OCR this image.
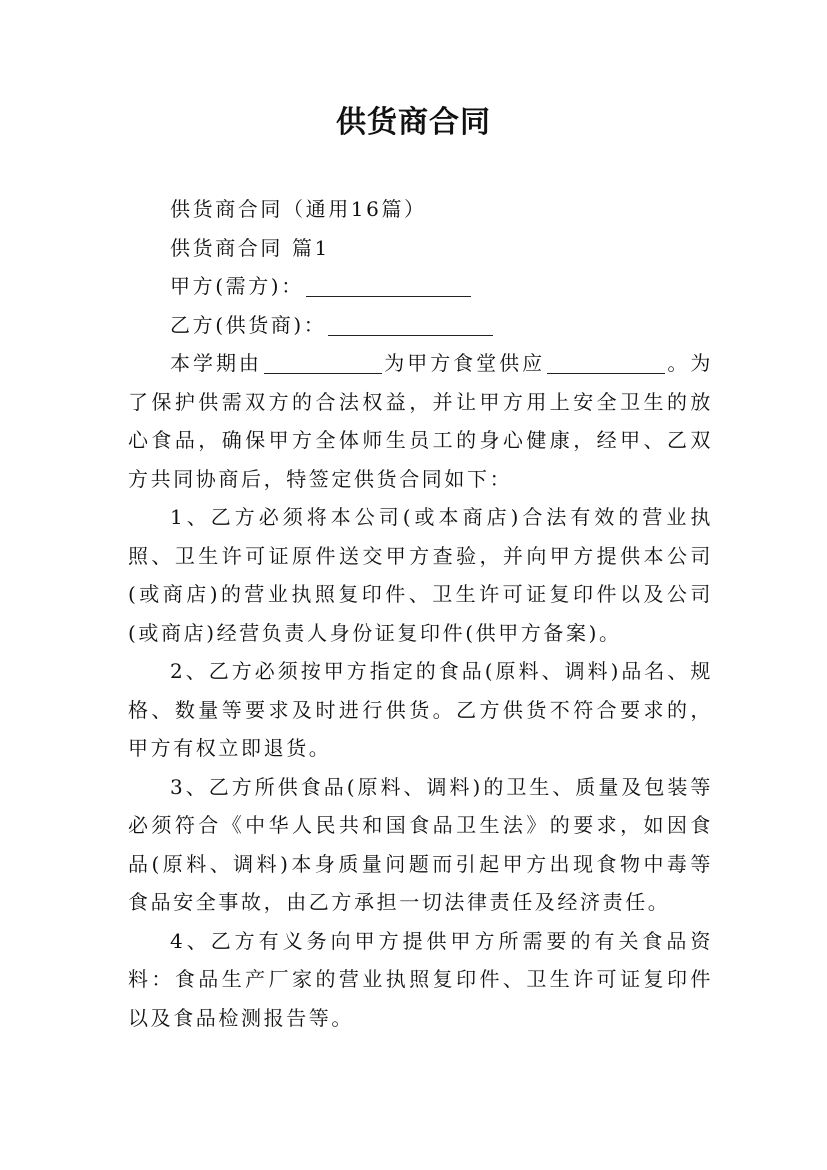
供货商合同

供货商合同（通用16篇）

供货商合同 篇1

甲方(需方)：

乙方(供货商)：

本学期由	为甲方食堂供应	。为了保护供需双方的合法权益，并让甲方用上安全卫生的放心食品，确保甲方全体师生员工的身心健康，经甲、乙双方共同协商后，特签定供货合同如下：

1、乙方必须将本公司(或本商店)合法有效的营业执照、卫生许可证原件送交甲方查验，并向甲方提供本公司(或商店)的营业执照复印件、卫生许可证复印件以及公司(或商店)经营负责人身份证复印件(供甲方备案)。

2、乙方必须按甲方指定的食品(原料、调料)品名、规格、数量等要求及时进行供货。乙方供货不符合要求的，甲方有权立即退货。

3、乙方所供食品(原料、调料)的卫生、质量及包装等必须符合《中华人民共和国食品卫生法》的要求，如因食品(原料、调料)本身质量问题而引起甲方出现食物中毒等食品安全事故，由乙方承担一切法律责任及经济责任。

4、乙方有义务向甲方提供甲方所需要的有关食品资料：食品生产厂家的营业执照复印件、卫生许可证复印件以及食品检测报告等。
